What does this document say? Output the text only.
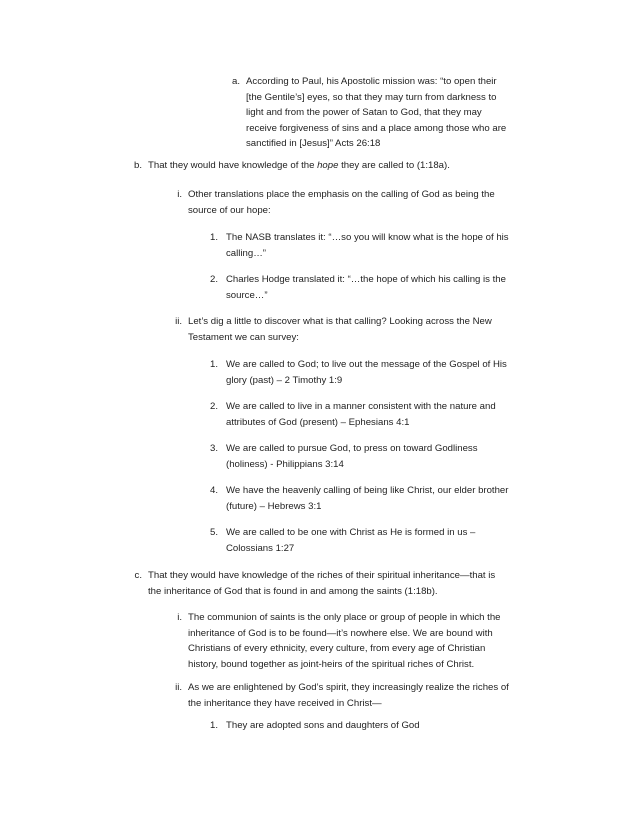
a. According to Paul, his Apostolic mission was: “to open their
[the Gentile’s] eyes, so that they may turn from darkness to
light and from the power of Satan to God, that they may
receive forgiveness of sins and a place among those who are
sanctified in [Jesus]” Acts 26:18
b. That they would have knowledge of the hope they are called to (1:18a).
i. Other translations place the emphasis on the calling of God as being the
source of our hope:
1. The NASB translates it: “…so you will know what is the hope of his
calling…”
2. Charles Hodge translated it: “…the hope of which his calling is the
source…”
ii. Let’s dig a little to discover what is that calling? Looking across the New
Testament we can survey:
1. We are called to God; to live out the message of the Gospel of His
glory (past) – 2 Timothy 1:9
2. We are called to live in a manner consistent with the nature and
attributes of God (present) – Ephesians 4:1
3. We are called to pursue God, to press on toward Godliness
(holiness) - Philippians 3:14
4. We have the heavenly calling of being like Christ, our elder brother
(future) – Hebrews 3:1
5. We are called to be one with Christ as He is formed in us –
Colossians 1:27
c. That they would have knowledge of the riches of their spiritual inheritance—that is
the inheritance of God that is found in and among the saints (1:18b).
i. The communion of saints is the only place or group of people in which the
inheritance of God is to be found—it’s nowhere else. We are bound with
Christians of every ethnicity, every culture, from every age of Christian
history, bound together as joint-heirs of the spiritual riches of Christ.
ii. As we are enlightened by God’s spirit, they increasingly realize the riches of
the inheritance they have received in Christ—
1. They are adopted sons and daughters of God
